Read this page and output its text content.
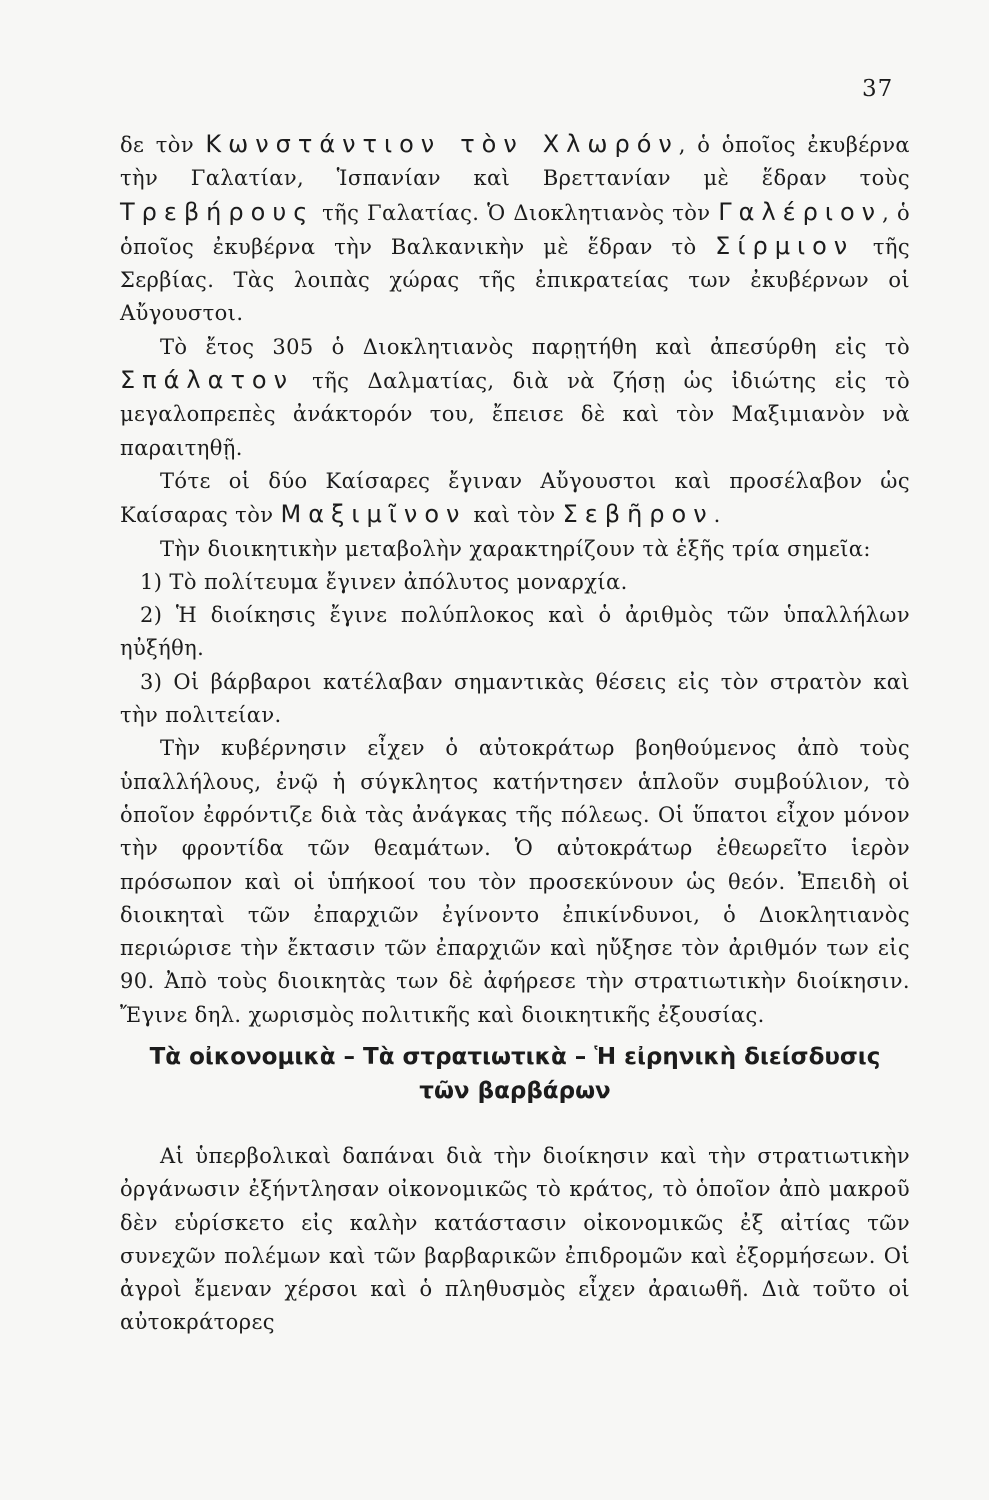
37

δε τὸν Κωνστάντιον τὸν Χλωρόν, ὁ ὁποῖος ἐκυβέρνα τὴν Γαλατίαν, Ἱσπανίαν καὶ Βρεττανίαν μὲ ἕδραν τοὺς Τρεβήρους τῆς Γαλατίας. Ὁ Διοκλητιανὸς τὸν Γαλέριον, ὁ ὁποῖος ἐκυβέρνα τὴν Βαλκανικὴν μὲ ἕδραν τὸ Σίρμιον τῆς Σερβίας. Τὰς λοιπὰς χώρας τῆς ἐπικρατείας των ἐκυβέρνων οἱ Αὔγουστοι.

Τὸ ἔτος 305 ὁ Διοκλητιανὸς παρῃτήθη καὶ ἀπεσύρθη εἰς τὸ Σπάλατον τῆς Δαλματίας, διὰ νὰ ζήσῃ ὡς ἰδιώτης εἰς τὸ μεγαλοπρεπὲς ἀνάκτορόν του, ἔπεισε δὲ καὶ τὸν Μαξιμιανὸν νὰ παραιτηθῇ.

Τότε οἱ δύο Καίσαρες ἔγιναν Αὔγουστοι καὶ προσέλαβον ὡς Καίσαρας τὸν Μαξιμῖνον καὶ τὸν Σεβῆρον.

Τὴν διοικητικὴν μεταβολὴν χαρακτηρίζουν τὰ ἑξῆς τρία σημεῖα:

1) Τὸ πολίτευμα ἔγινεν ἀπόλυτος μοναρχία.

2) Ἡ διοίκησις ἔγινε πολύπλοκος καὶ ὁ ἀριθμὸς τῶν ὑπαλλήλων ηὐξήθη.

3) Οἱ βάρβαροι κατέλαβαν σημαντικὰς θέσεις εἰς τὸν στρατὸν καὶ τὴν πολιτείαν.

Τὴν κυβέρνησιν εἶχεν ὁ αὐτοκράτωρ βοηθούμενος ἀπὸ τοὺς ὑπαλλήλους, ἐνῷ ἡ σύγκλητος κατήντησεν ἁπλοῦν συμβούλιον, τὸ ὁποῖον ἐφρόντιζε διὰ τὰς ἀνάγκας τῆς πόλεως. Οἱ ὕπατοι εἶχον μόνον τὴν φροντίδα τῶν θεαμάτων. Ὁ αὐτοκράτωρ ἐθεωρεῖτο ἱερὸν πρόσωπον καὶ οἱ ὑπήκοοί του τὸν προσεκύνουν ὡς θεόν. Ἐπειδὴ οἱ διοικηταὶ τῶν ἐπαρχιῶν ἐγίνοντο ἐπικίνδυνοι, ὁ Διοκλητιανὸς περιώρισε τὴν ἔκτασιν τῶν ἐπαρχιῶν καὶ ηὔξησε τὸν ἀριθμόν των εἰς 90. Ἀπὸ τοὺς διοικητὰς των δὲ ἀφήρεσε τὴν στρατιωτικὴν διοίκησιν. Ἔγινε δηλ. χωρισμὸς πολιτικῆς καὶ διοικητικῆς ἐξουσίας.

Τὰ οἰκονομικὰ – Τὰ στρατιωτικὰ – Ἡ εἰρηνικὴ διείσδυσις
τῶν βαρβάρων

Αἱ ὑπερβολικαὶ δαπάναι διὰ τὴν διοίκησιν καὶ τὴν στρατιωτικὴν ὀργάνωσιν ἐξήντλησαν οἰκονομικῶς τὸ κράτος, τὸ ὁποῖον ἀπὸ μακροῦ δὲν εὑρίσκετο εἰς καλὴν κατάστασιν οἰκονομικῶς ἐξ αἰτίας τῶν συνεχῶν πολέμων καὶ τῶν βαρβαρικῶν ἐπιδρομῶν καὶ ἐξορμήσεων. Οἱ ἀγροὶ ἔμεναν χέρσοι καὶ ὁ πληθυσμὸς εἶχεν ἀραιωθῆ. Διὰ τοῦτο οἱ αὐτοκράτορες
